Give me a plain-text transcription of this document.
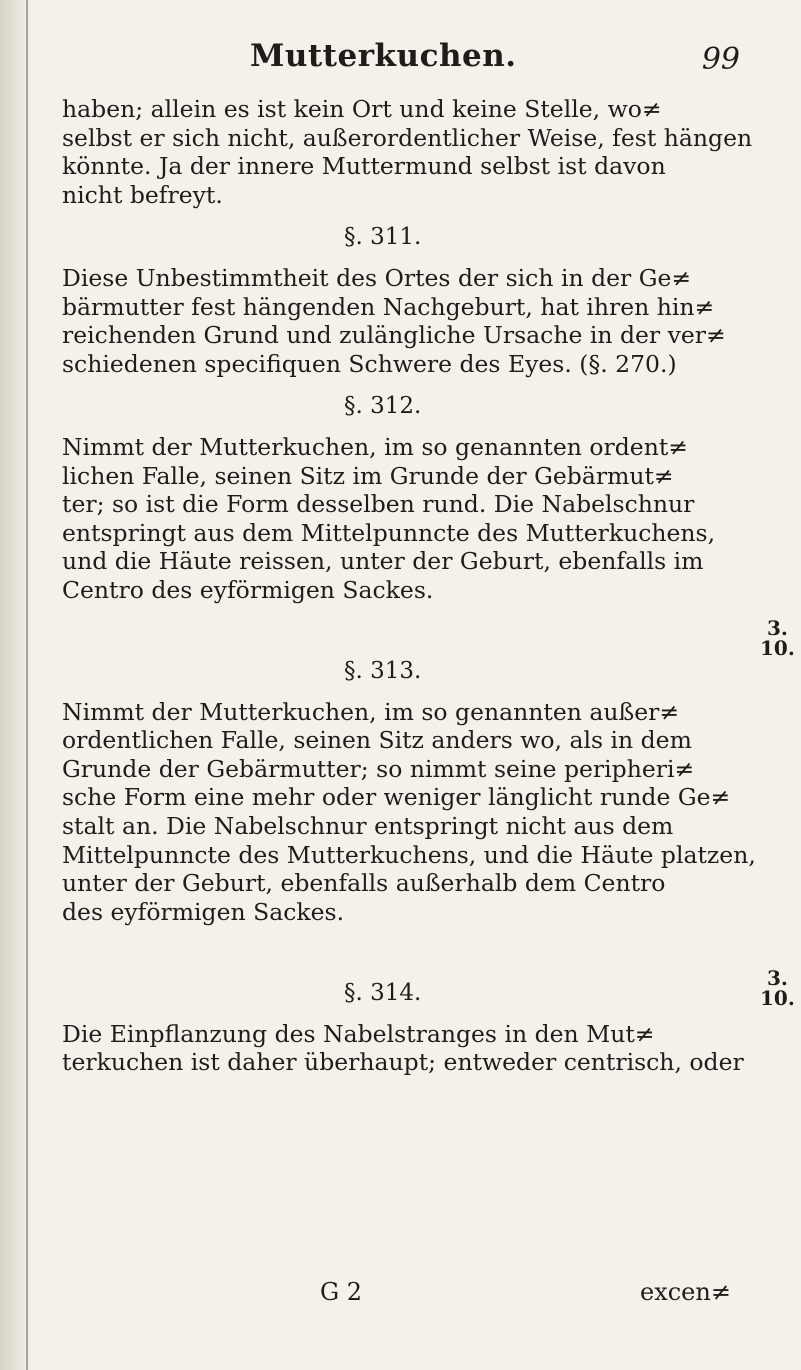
Mutterkuchen.	99
haben; allein es ist kein Ort und keine Stelle, wo≠
selbst er sich nicht, außerordentlicher Weise, fest hängen
könnte. Ja der innere Muttermund selbst ist davon
nicht befreyt.
§. 311.
Diese Unbestimmtheit des Ortes der sich in der Ge≠
bärmutter fest hängenden Nachgeburt, hat ihren hin≠
reichenden Grund und zulängliche Ursache in der ver≠
schiedenen specifiquen Schwere des Eyes. (§. 270.)
§. 312.
Nimmt der Mutterkuchen, im so genannten ordent≠
lichen Falle, seinen Sitz im Grunde der Gebärmut≠
ter; so ist die Form desselben rund. Die Nabelschnur
entspringt aus dem Mittelpunncte des Mutterkuchens,
und die Häute reissen, unter der Geburt, ebenfalls im
Centro des eyförmigen Sackes.
§. 313.
Nimmt der Mutterkuchen, im so genannten außer≠
ordentlichen Falle, seinen Sitz anders wo, als in dem
Grunde der Gebärmutter; so nimmt seine peripheri≠
sche Form eine mehr oder weniger länglicht runde Ge≠
stalt an. Die Nabelschnur entspringt nicht aus dem
Mittelpunncte des Mutterkuchens, und die Häute platzen,
unter der Geburt, ebenfalls außerhalb dem Centro
des eyförmigen Sackes.
§. 314.
Die Einpflanzung des Nabelstranges in den Mut≠
terkuchen ist daher überhaupt; entweder centrisch, oder
3.
10.
3.
10.
G 2	excen≠
